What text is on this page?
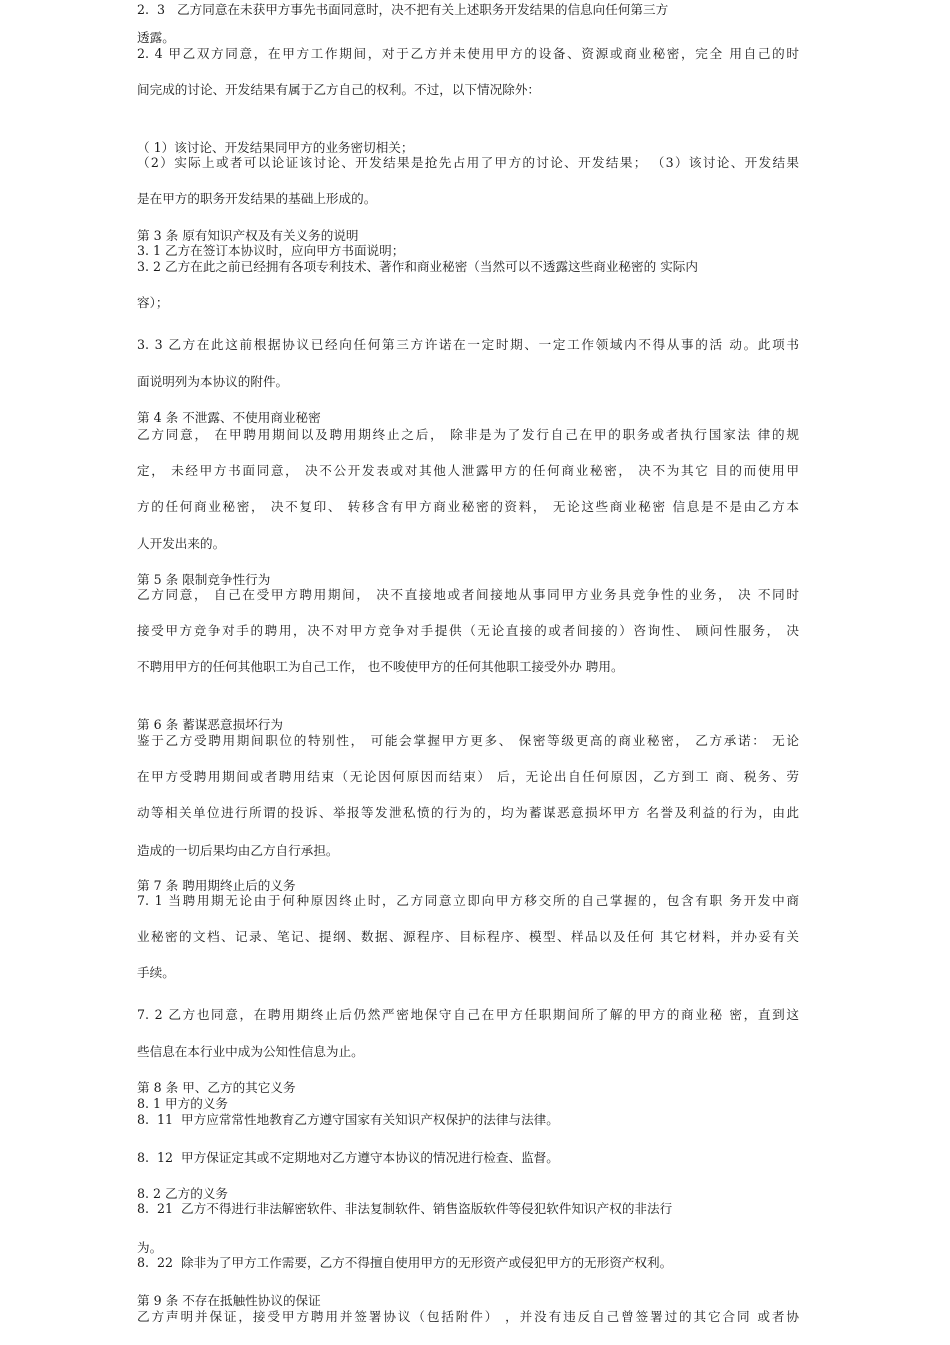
2.  3   乙方同意在未获甲方事先书面同意时，决不把有关上述职务开发结果的信息向任何第三方
透露。
2. 4 甲乙双方同意，在甲方工作期间，对于乙方并未使用甲方的设备、资源或商业秘密，完全 用自己的时
间完成的讨论、开发结果有属于乙方自己的权利。不过，以下情况除外：
（ 1）该讨论、开发结果同甲方的业务密切相关；
（2）实际上或者可以论证该讨论、开发结果是抢先占用了甲方的讨论、开发结果； （3）该讨论、开发结果
是在甲方的职务开发结果的基础上形成的。
第 3 条 原有知识产权及有关义务的说明
3. 1 乙方在签订本协议时，应向甲方书面说明；
3. 2 乙方在此之前已经拥有各项专利技术、著作和商业秘密（当然可以不透露这些商业秘密的 实际内
容）；
3. 3 乙方在此这前根据协议已经向任何第三方许诺在一定时期、一定工作领域内不得从事的活 动。此项书
面说明列为本协议的附件。
第 4 条 不泄露、不使用商业秘密
乙方同意， 在甲聘用期间以及聘用期终止之后， 除非是为了发行自己在甲的职务或者执行国家法 律的规
定， 未经甲方书面同意， 决不公开发表或对其他人泄露甲方的任何商业秘密， 决不为其它 目的而使用甲
方的任何商业秘密， 决不复印、 转移含有甲方商业秘密的资料， 无论这些商业秘密 信息是不是由乙方本
人开发出来的。
第 5 条 限制竞争性行为
乙方同意， 自己在受甲方聘用期间， 决不直接地或者间接地从事同甲方业务具竞争性的业务， 决 不同时
接受甲方竞争对手的聘用，决不对甲方竞争对手提供（无论直接的或者间接的）咨询性、 顾问性服务， 决
不聘用甲方的任何其他职工为自己工作， 也不唆使甲方的任何其他职工接受外办 聘用。
第 6 条 蓄谋恶意损坏行为
鉴于乙方受聘用期间职位的特别性， 可能会掌握甲方更多、 保密等级更高的商业秘密， 乙方承诺： 无论
在甲方受聘用期间或者聘用结束（无论因何原因而结束） 后，无论出自任何原因，乙方到工 商、税务、劳
动等相关单位进行所谓的投诉、举报等发泄私愤的行为的，均为蓄谋恶意损坏甲方 名誉及利益的行为，由此
造成的一切后果均由乙方自行承担。
第 7 条 聘用期终止后的义务
7. 1 当聘用期无论由于何种原因终止时，乙方同意立即向甲方移交所的自己掌握的，包含有职 务开发中商
业秘密的文档、记录、笔记、提纲、数据、源程序、目标程序、模型、样品以及任何 其它材料，并办妥有关
手续。
7. 2 乙方也同意，在聘用期终止后仍然严密地保守自己在甲方任职期间所了解的甲方的商业秘 密，直到这
些信息在本行业中成为公知性信息为止。
第 8 条 甲、乙方的其它义务
8. 1 甲方的义务
8.  11  甲方应常常性地教育乙方遵守国家有关知识产权保护的法律与法律。
8.  12  甲方保证定其或不定期地对乙方遵守本协议的情况进行检查、监督。
8. 2 乙方的义务
8.  21  乙方不得进行非法解密软件、非法复制软件、销售盗版软件等侵犯软件知识产权的非法行
为。
8.  22  除非为了甲方工作需要，乙方不得擅自使用甲方的无形资产或侵犯甲方的无形资产权利。
第 9 条 不存在抵触性协议的保证
乙方声明并保证，接受甲方聘用并签署协议（包括附件） ，并没有违反自己曾签署过的其它合同 或者协
